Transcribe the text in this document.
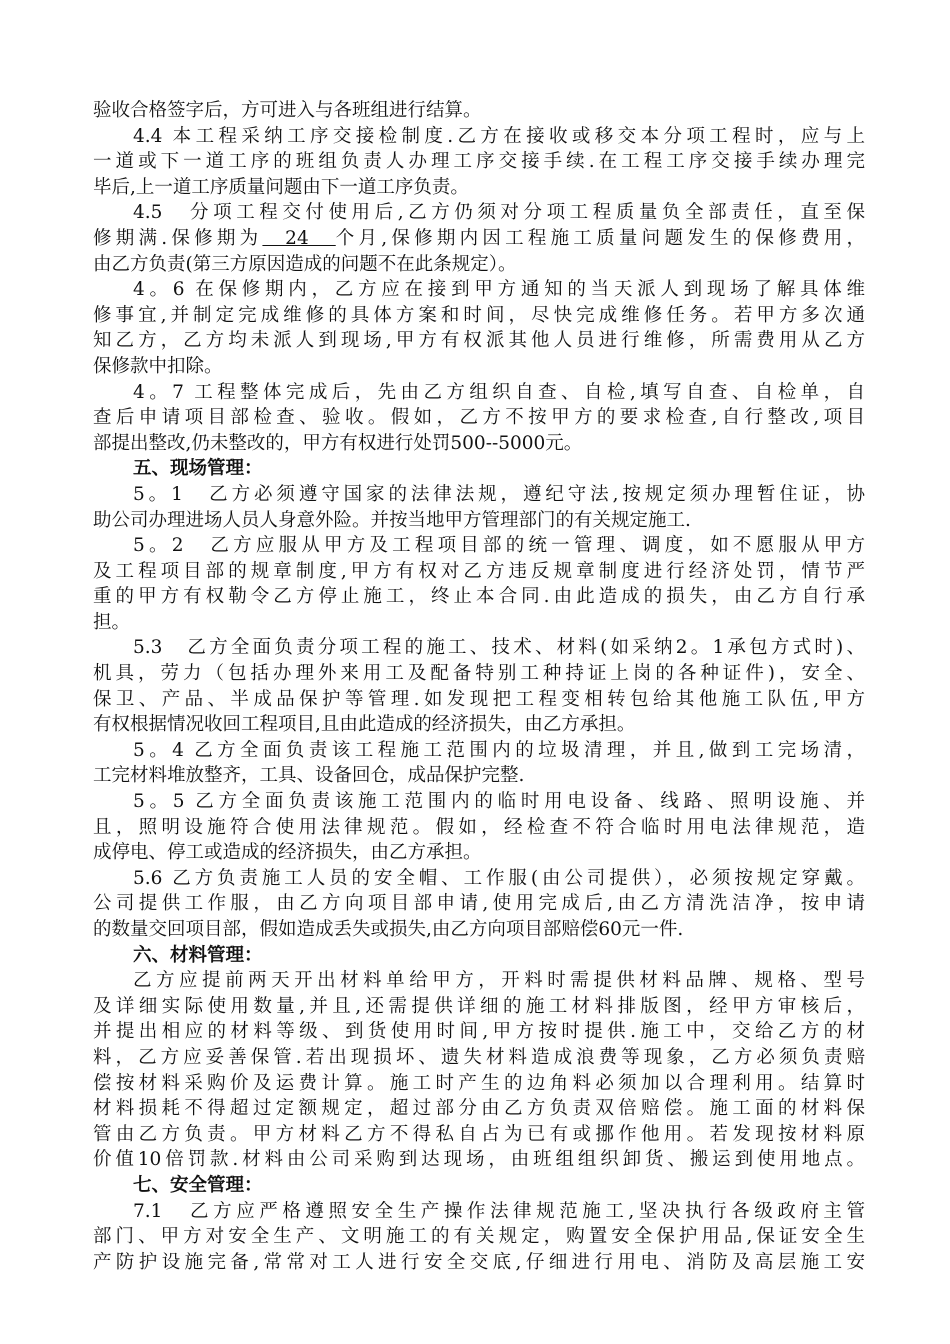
验收合格签字后，方可进入与各班组进行结算。
4.4 本工程采纳工序交接检制度.乙方在接收或移交本分项工程时，应与上
一道或下一道工序的班组负责人办理工序交接手续.在工程工序交接手续办理完
毕后,上一道工序质量问题由下一道工序负责。
4.5　分项工程交付使用后,乙方仍须对分项工程质量负全部责任，直至保
修期满.保修期为　24　个月,保修期内因工程施工质量问题发生的保修费用，
由乙方负责(第三方原因造成的问题不在此条规定）。
4。6 在保修期内，乙方应在接到甲方通知的当天派人到现场了解具体维
修事宜,并制定完成维修的具体方案和时间，尽快完成维修任务。若甲方多次通
知乙方，乙方均未派人到现场,甲方有权派其他人员进行维修，所需费用从乙方
保修款中扣除。
4。7 工程整体完成后，先由乙方组织自查、自检,填写自查、自检单，自
查后申请项目部检查、验收。假如，乙方不按甲方的要求检查,自行整改,项目
部提出整改,仍未整改的，甲方有权进行处罚500--5000元。
五、现场管理：
5。1　乙方必须遵守国家的法律法规，遵纪守法,按规定须办理暂住证，协
助公司办理进场人员人身意外险。并按当地甲方管理部门的有关规定施工.
5。2　乙方应服从甲方及工程项目部的统一管理、调度，如不愿服从甲方
及工程项目部的规章制度,甲方有权对乙方违反规章制度进行经济处罚，情节严
重的甲方有权勒令乙方停止施工，终止本合同.由此造成的损失，由乙方自行承
担。
5.3　乙方全面负责分项工程的施工、技术、材料(如采纳2。1承包方式时)、
机具，劳力（包括办理外来用工及配备特别工种持证上岗的各种证件)，安全、
保卫、产品、半成品保护等管理.如发现把工程变相转包给其他施工队伍,甲方
有权根据情况收回工程项目,且由此造成的经济损失，由乙方承担。
5。4 乙方全面负责该工程施工范围内的垃圾清理，并且,做到工完场清，
工完材料堆放整齐，工具、设备回仓，成品保护完整.
5。5 乙方全面负责该施工范围内的临时用电设备、线路、照明设施、并
且，照明设施符合使用法律规范。假如，经检查不符合临时用电法律规范，造
成停电、停工或造成的经济损失，由乙方承担。
5.6 乙方负责施工人员的安全帽、工作服(由公司提供），必须按规定穿戴。
公司提供工作服，由乙方向项目部申请,使用完成后,由乙方清洗洁净，按申请
的数量交回项目部，假如造成丢失或损失,由乙方向项目部赔偿60元一件.
六、材料管理：
乙方应提前两天开出材料单给甲方，开料时需提供材料品牌、规格、型号
及详细实际使用数量,并且,还需提供详细的施工材料排版图，经甲方审核后，
并提出相应的材料等级、到货使用时间,甲方按时提供.施工中，交给乙方的材
料，乙方应妥善保管.若出现损坏、遗失材料造成浪费等现象，乙方必须负责赔
偿按材料采购价及运费计算。施工时产生的边角料必须加以合理利用。结算时
材料损耗不得超过定额规定，超过部分由乙方负责双倍赔偿。施工面的材料保
管由乙方负责。甲方材料乙方不得私自占为已有或挪作他用。若发现按材料原
价值10倍罚款.材料由公司采购到达现场，由班组组织卸货、搬运到使用地点。
七、安全管理：
7.1　乙方应严格遵照安全生产操作法律规范施工,坚决执行各级政府主管
部门、甲方对安全生产、文明施工的有关规定，购置安全保护用品,保证安全生
产防护设施完备,常常对工人进行安全交底,仔细进行用电、消防及高层施工安
